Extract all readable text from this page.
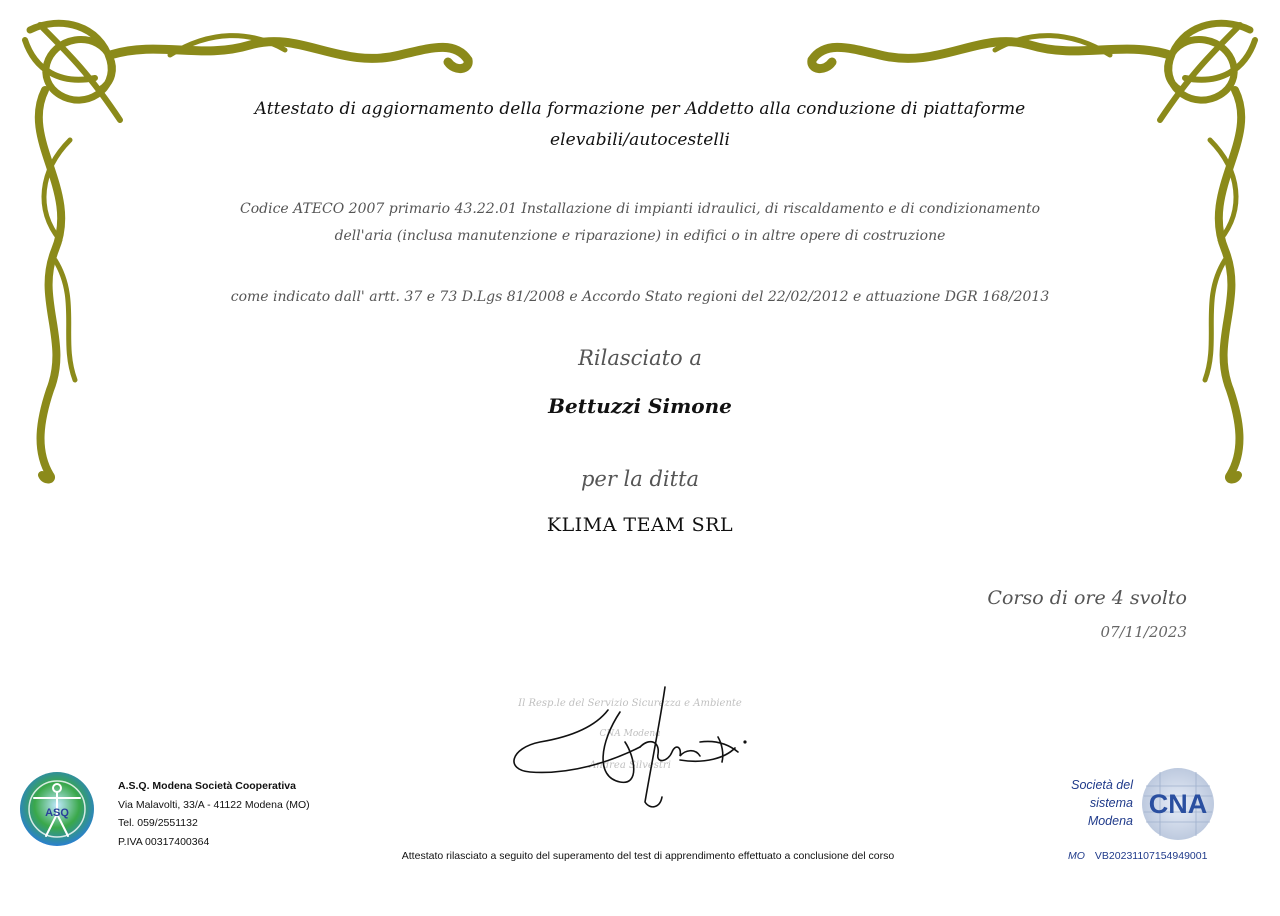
Attestato di aggiornamento della formazione per Addetto alla conduzione di piattaforme
elevabili/autocestelli
Codice ATECO 2007 primario 43.22.01 Installazione di impianti idraulici, di riscaldamento e di condizionamento
dell'aria (inclusa manutenzione e riparazione) in edifici o in altre opere di costruzione
come indicato dall' artt. 37 e 73 D.Lgs 81/2008 e Accordo Stato regioni del 22/02/2012 e attuazione DGR 168/2013
Rilasciato a
Bettuzzi Simone
per la ditta
KLIMA TEAM SRL
Corso di ore 4 svolto
07/11/2023
Il Resp.le del Servizio Sicurezza e Ambiente
CNA Modena
Andrea Silvestri
ASQ
A.S.Q. Modena Società Cooperativa
Via Malavolti, 33/A - 41122 Modena (MO)
Tel. 059/2551132
P.IVA 00317400364
Attestato rilasciato a seguito del superamento del test di apprendimento effettuato a conclusione del corso
Società del
sistema
Modena
CNA
MO VB20231107154949001
